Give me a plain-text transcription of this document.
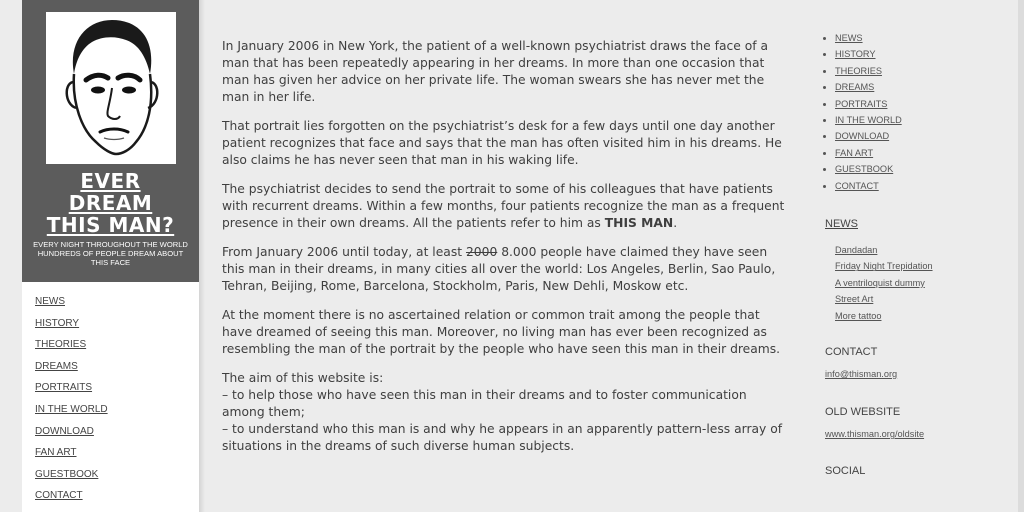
EVER
DREAM
THIS MAN?
EVERY NIGHT THROUGHOUT THE WORLD HUNDREDS OF PEOPLE DREAM ABOUT THIS FACE
NEWS
HISTORY
THEORIES
DREAMS
PORTRAITS
IN THE WORLD
DOWNLOAD
FAN ART
GUESTBOOK
CONTACT

In January 2006 in New York, the patient of a well-known psychiatrist draws the face of a man that has been repeatedly appearing in her dreams. In more than one occasion that man has given her advice on her private life. The woman swears she has never met the man in her life.

That portrait lies forgotten on the psychiatrist’s desk for a few days until one day another patient recognizes that face and says that the man has often visited him in his dreams. He also claims he has never seen that man in his waking life.

The psychiatrist decides to send the portrait to some of his colleagues that have patients with recurrent dreams. Within a few months, four patients recognize the man as a frequent presence in their own dreams. All the patients refer to him as THIS MAN.

From January 2006 until today, at least 2000 8.000 people have claimed they have seen this man in their dreams, in many cities all over the world: Los Angeles, Berlin, Sao Paulo, Tehran, Beijing, Rome, Barcelona, Stockholm, Paris, New Dehli, Moskow etc.

At the moment there is no ascertained relation or common trait among the people that have dreamed of seeing this man. Moreover, no living man has ever been recognized as resembling the man of the portrait by the people who have seen this man in their dreams.

The aim of this website is:
– to help those who have seen this man in their dreams and to foster communication among them;
– to understand who this man is and why he appears in an apparently pattern-less array of situations in the dreams of such diverse human subjects.

• NEWS
• HISTORY
• THEORIES
• DREAMS
• PORTRAITS
• IN THE WORLD
• DOWNLOAD
• FAN ART
• GUESTBOOK
• CONTACT
NEWS
Dandadan
Friday Night Trepidation
A ventriloquist dummy
Street Art
More tattoo
CONTACT
info@thisman.org
OLD WEBSITE
www.thisman.org/oldsite
SOCIAL
